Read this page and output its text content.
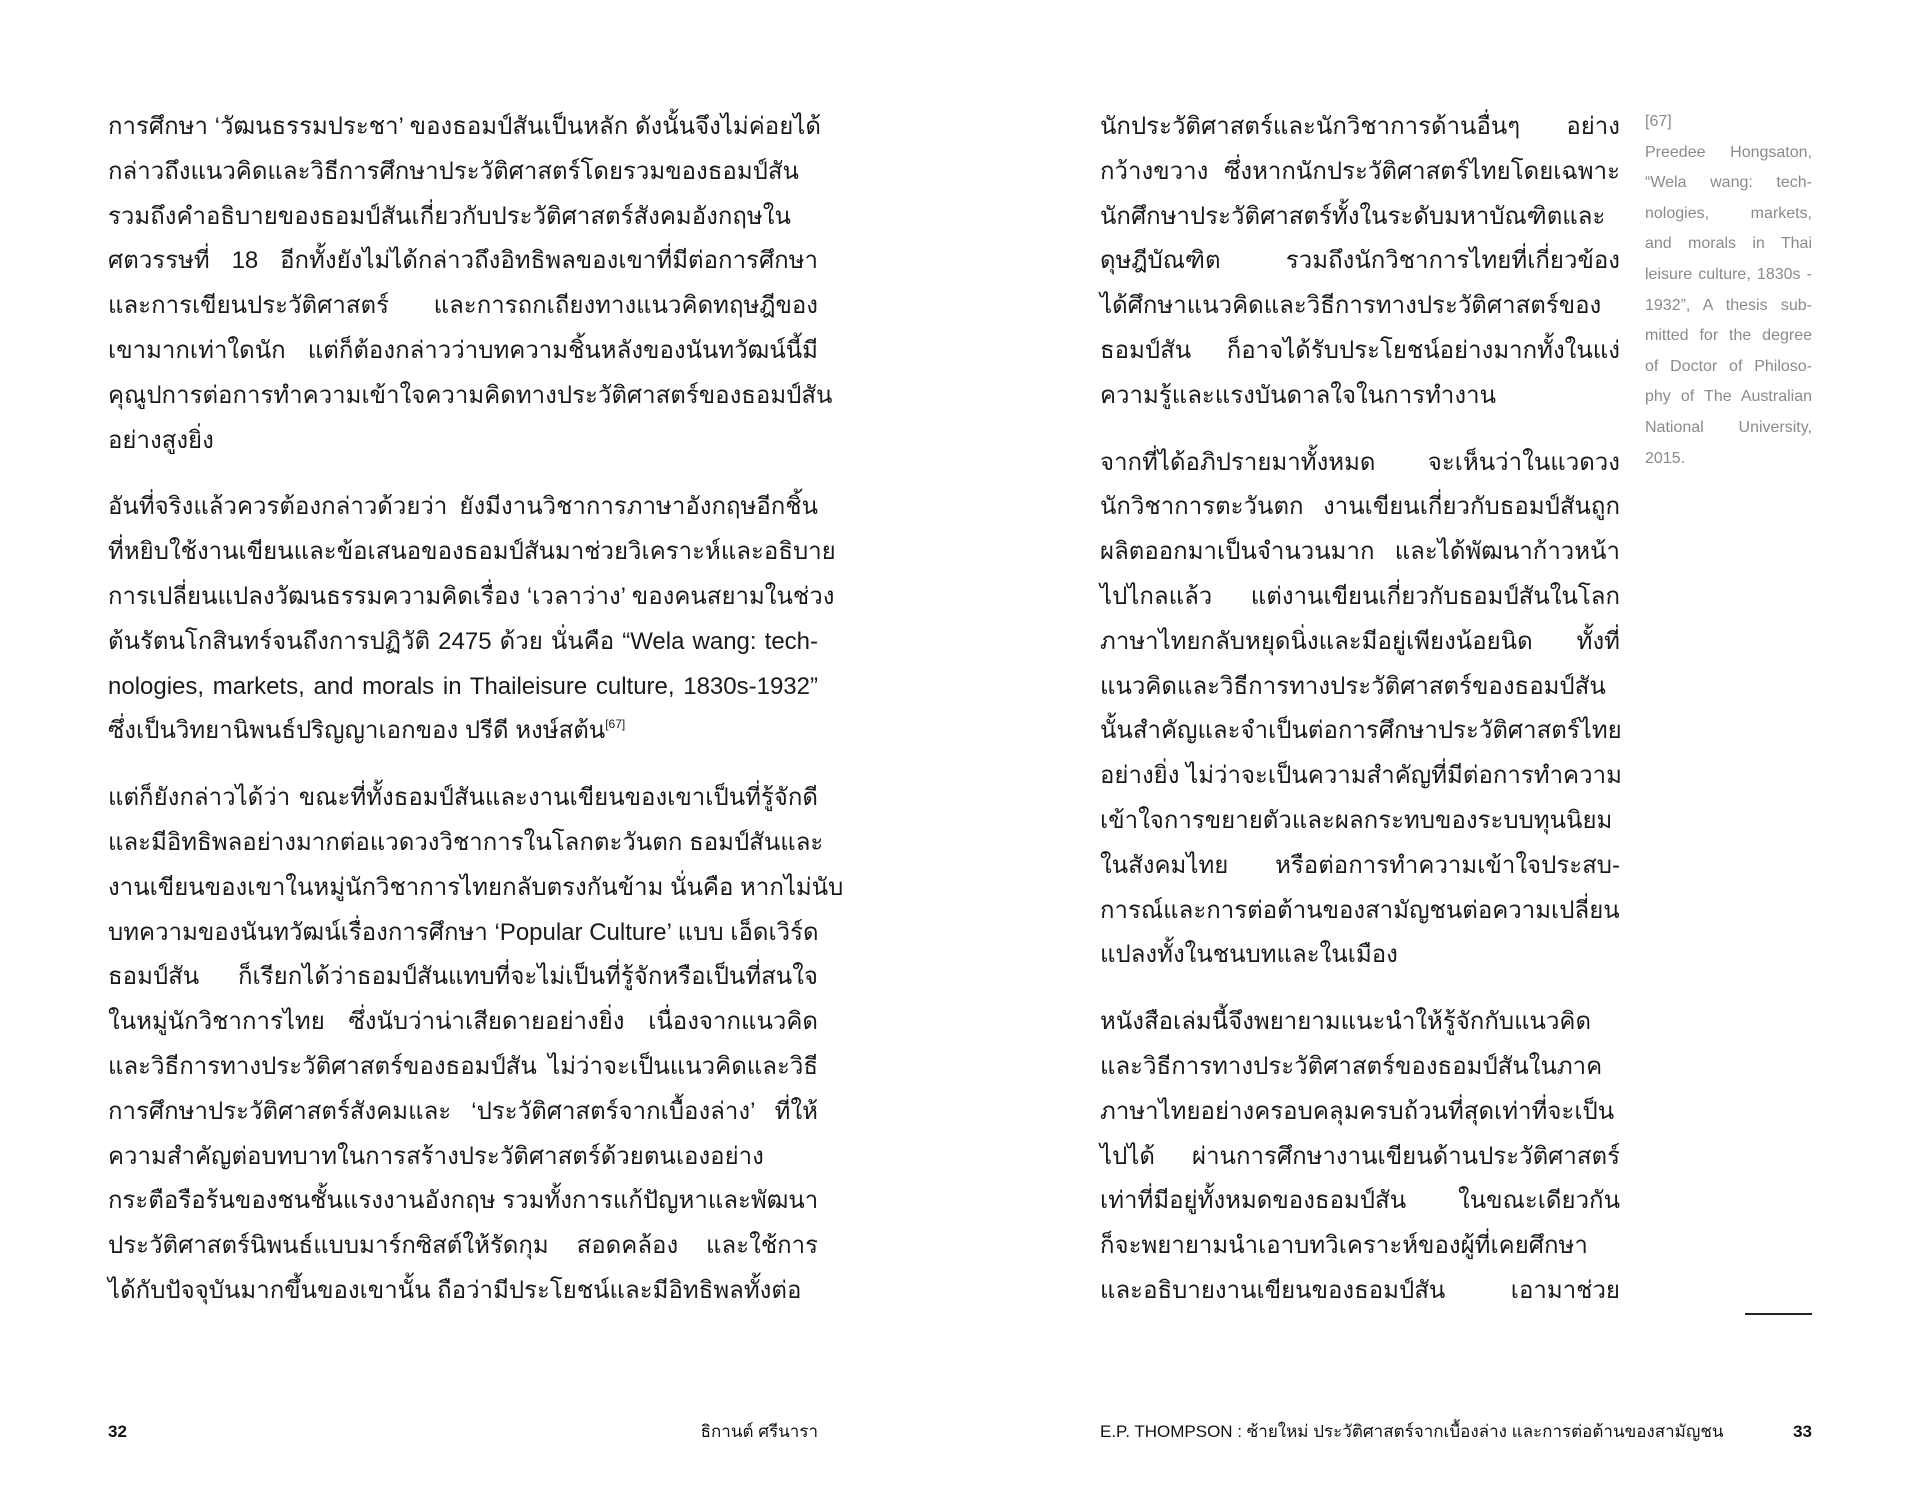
การศึกษา ‘วัฒนธรรมประชา’ ของธอมป์สันเป็นหลัก ดังนั้นจึงไม่ค่อยได้
กล่าวถึงแนวคิดและวิธีการศึกษาประวัติศาสตร์โดยรวมของธอมป์สัน
รวมถึงคำอธิบายของธอมป์สันเกี่ยวกับประวัติศาสตร์สังคมอังกฤษใน
ศตวรรษที่ 18 อีกทั้งยังไม่ได้กล่าวถึงอิทธิพลของเขาที่มีต่อการศึกษา
และการเขียนประวัติศาสตร์ และการถกเถียงทางแนวคิดทฤษฎีของ
เขามากเท่าใดนัก แต่ก็ต้องกล่าวว่าบทความชิ้นหลังของนันทวัฒน์นี้มี
คุณูปการต่อการทำความเข้าใจความคิดทางประวัติศาสตร์ของธอมป์สัน
อย่างสูงยิ่ง
อันที่จริงแล้วควรต้องกล่าวด้วยว่า ยังมีงานวิชาการภาษาอังกฤษอีกชิ้น
ที่หยิบใช้งานเขียนและข้อเสนอของธอมป์สันมาช่วยวิเคราะห์และอธิบาย
การเปลี่ยนแปลงวัฒนธรรมความคิดเรื่อง ‘เวลาว่าง’ ของคนสยามในช่วง
ต้นรัตนโกสินทร์จนถึงการปฏิวัติ 2475 ด้วย นั่นคือ “Wela wang: tech-
nologies, markets, and morals in Thaileisure culture, 1830s-1932”
ซึ่งเป็นวิทยานิพนธ์ปริญญาเอกของ ปรีดี หงษ์สต้น[67]
แต่ก็ยังกล่าวได้ว่า ขณะที่ทั้งธอมป์สันและงานเขียนของเขาเป็นที่รู้จักดี
และมีอิทธิพลอย่างมากต่อแวดวงวิชาการในโลกตะวันตก ธอมป์สันและ
งานเขียนของเขาในหมู่นักวิชาการไทยกลับตรงกันข้าม นั่นคือ หากไม่นับ
บทความของนันทวัฒน์เรื่องการศึกษา ‘Popular Culture’ แบบ เอ็ดเวิร์ด
ธอมป์สัน ก็เรียกได้ว่าธอมป์สันแทบที่จะไม่เป็นที่รู้จักหรือเป็นที่สนใจ
ในหมู่นักวิชาการไทย ซึ่งนับว่าน่าเสียดายอย่างยิ่ง เนื่องจากแนวคิด
และวิธีการทางประวัติศาสตร์ของธอมป์สัน ไม่ว่าจะเป็นแนวคิดและวิธี
การศึกษาประวัติศาสตร์สังคมและ ‘ประวัติศาสตร์จากเบื้องล่าง’ ที่ให้
ความสำคัญต่อบทบาทในการสร้างประวัติศาสตร์ด้วยตนเองอย่าง
กระตือรือร้นของชนชั้นแรงงานอังกฤษ รวมทั้งการแก้ปัญหาและพัฒนา
ประวัติศาสตร์นิพนธ์แบบมาร์กซิสต์ให้รัดกุม สอดคล้อง และใช้การ
ได้กับปัจจุบันมากขึ้นของเขานั้น ถือว่ามีประโยชน์และมีอิทธิพลทั้งต่อ
นักประวัติศาสตร์และนักวิชาการด้านอื่นๆ อย่าง
กว้างขวาง ซึ่งหากนักประวัติศาสตร์ไทยโดยเฉพาะ
นักศึกษาประวัติศาสตร์ทั้งในระดับมหาบัณฑิตและ
ดุษฎีบัณฑิต รวมถึงนักวิชาการไทยที่เกี่ยวข้อง
ได้ศึกษาแนวคิดและวิธีการทางประวัติศาสตร์ของ
ธอมป์สัน ก็อาจได้รับประโยชน์อย่างมากทั้งในแง่
ความรู้และแรงบันดาลใจในการทำงาน
จากที่ได้อภิปรายมาทั้งหมด จะเห็นว่าในแวดวง
นักวิชาการตะวันตก งานเขียนเกี่ยวกับธอมป์สันถูก
ผลิตออกมาเป็นจำนวนมาก และได้พัฒนาก้าวหน้า
ไปไกลแล้ว แต่งานเขียนเกี่ยวกับธอมป์สันในโลก
ภาษาไทยกลับหยุดนิ่งและมีอยู่เพียงน้อยนิด ทั้งที่
แนวคิดและวิธีการทางประวัติศาสตร์ของธอมป์สัน
นั้นสำคัญและจำเป็นต่อการศึกษาประวัติศาสตร์ไทย
อย่างยิ่ง ไม่ว่าจะเป็นความสำคัญที่มีต่อการทำความ
เข้าใจการขยายตัวและผลกระทบของระบบทุนนิยม
ในสังคมไทย หรือต่อการทำความเข้าใจประสบ-
การณ์และการต่อต้านของสามัญชนต่อความเปลี่ยน
แปลงทั้งในชนบทและในเมือง
หนังสือเล่มนี้จึงพยายามแนะนำให้รู้จักกับแนวคิด
และวิธีการทางประวัติศาสตร์ของธอมป์สันในภาค
ภาษาไทยอย่างครอบคลุมครบถ้วนที่สุดเท่าที่จะเป็น
ไปได้ ผ่านการศึกษางานเขียนด้านประวัติศาสตร์
เท่าที่มีอยู่ทั้งหมดของธอมป์สัน ในขณะเดียวกัน
ก็จะพยายามนำเอาบทวิเคราะห์ของผู้ที่เคยศึกษา
และอธิบายงานเขียนของธอมป์สัน เอามาช่วย
[67]
Preedee Hongsaton,
“Wela wang: tech-
nologies, markets,
and morals in Thai
leisure culture, 1830s -
1932”, A thesis sub-
mitted for the degree
of Doctor of Philoso-
phy of The Australian
National University,
2015.
32	ธิกานต์ ศรีนารา	E.P. THOMPSON : ซ้ายใหม่ ประวัติศาสตร์จากเบื้องล่าง และการต่อต้านของสามัญชน	33
